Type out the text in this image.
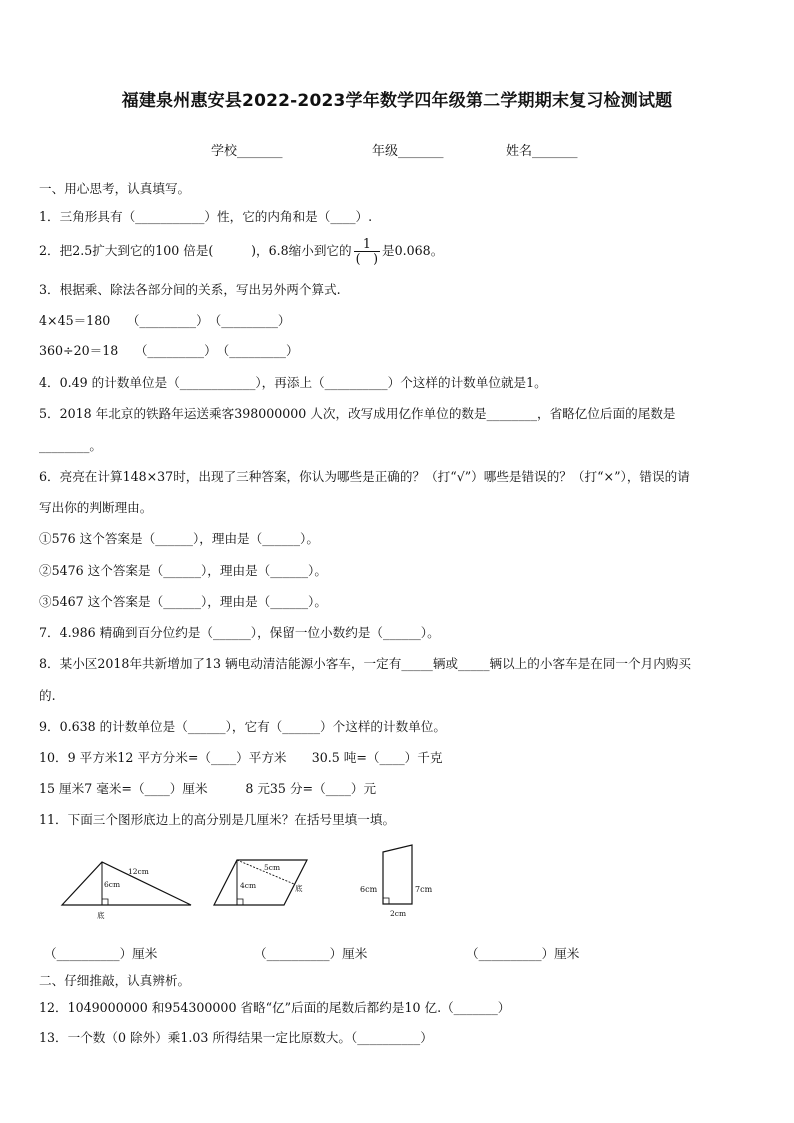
福建泉州惠安县2022-2023学年数学四年级第二学期期末复习检测试题
学校_______	年级_______	姓名_______
一、用心思考，认真填写。
1．三角形具有（___________）性，它的内角和是（____）.
2．把2.5扩大到它的100 倍是(　　　)，6.8缩小到它的 $\frac{1}{( )}$ 是0.068。
3．根据乘、除法各部分间的关系，写出另外两个算式.
4×45＝180　 （_________）　（_________）
360÷20＝18　 （_________）　（_________）
4．0.49 的计数单位是（____________），再添上（__________）个这样的计数单位就是1。
5．2018 年北京的铁路年运送乘客398000000 人次，改写成用亿作单位的数是________，省略亿位后面的尾数是
________。
6．亮亮在计算148×37时，出现了三种答案，你认为哪些是正确的？（打“√”）哪些是错误的？（打“×”），错误的请
写出你的判断理由。
①576 这个答案是（______），理由是（______）。
②5476 这个答案是（______），理由是（______）。
③5467 这个答案是（______），理由是（______）。
7．4.986 精确到百分位约是（______），保留一位小数约是（______）。
8．某小区2018年共新增加了13 辆电动清洁能源小客车，一定有_____辆或_____辆以上的小客车是在同一个月内购买
的.
9．0.638 的计数单位是（______），它有（______）个这样的计数单位。
10．9 平方米12 平方分米=（____）平方米　　30.5 吨=（____）千克
15 厘米7 毫米=（____）厘米　　　8 元35 分=（____）元
11．下面三个图形底边上的高分别是几厘米？在括号里填一填。
12cm
6cm
底
5cm
4cm	底	6cm	7cm
2cm
（__________）厘米	（__________）厘米	（__________）厘米
二、仔细推敲，认真辨析。
12．1049000000 和954300000 省略“亿”后面的尾数后都约是10 亿.（_______）
13．一个数（0 除外）乘1.03 所得结果一定比原数大。（__________）
